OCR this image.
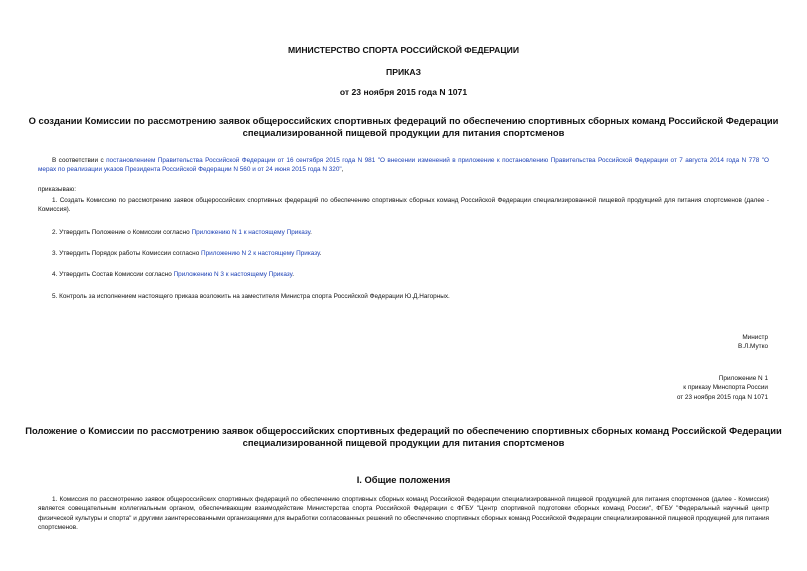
МИНИСТЕРСТВО СПОРТА РОССИЙСКОЙ ФЕДЕРАЦИИ
ПРИКАЗ
от 23 ноября 2015 года N 1071
О создании Комиссии по рассмотрению заявок общероссийских спортивных федераций по обеспечению спортивных сборных команд Российской Федерации
специализированной пищевой продукции для питания спортсменов
В соответствии с постановлением Правительства Российской Федерации от 16 сентября 2015 года N 981 "О внесении изменений в приложение к постановлению Правительства Российской Федерации от 7 августа 2014 года N 778 "О мерах по реализации указов Президента Российской Федерации N 560 и от 24 июня 2015 года N 320",
приказываю:
1. Создать Комиссию по рассмотрению заявок общероссийских спортивных федераций по обеспечению спортивных сборных команд Российской Федерации специализированной пищевой продукцией для питания спортсменов (далее - Комиссия).
2. Утвердить Положение о Комиссии согласно Приложению N 1 к настоящему Приказу.
3. Утвердить Порядок работы Комиссии согласно Приложению N 2 к настоящему Приказу.
4. Утвердить Состав Комиссии согласно Приложению N 3 к настоящему Приказу.
5. Контроль за исполнением настоящего приказа возложить на заместителя Министра спорта Российской Федерации Ю.Д.Нагорных.
Министр
В.Л.Мутко
Приложение N 1
к приказу Минспорта России
от 23 ноября 2015 года N 1071
Положение о Комиссии по рассмотрению заявок общероссийских спортивных федераций по обеспечению спортивных сборных команд Российской Федерации
специализированной пищевой продукции для питания спортсменов
I. Общие положения
1. Комиссия по рассмотрению заявок общероссийских спортивных федераций по обеспечению спортивных сборных команд Российской Федерации специализированной пищевой продукцией для питания спортсменов (далее - Комиссия) является совещательным коллегиальным органом, обеспечивающим взаимодействие Министерства спорта Российской Федерации с ФГБУ "Центр спортивной подготовки сборных команд России", ФГБУ "Федеральный научный центр физической культуры и спорта" и другими заинтересованными организациями для выработки согласованных решений по обеспечению спортивных сборных команд Российской Федерации специализированной пищевой продукцией для питания спортсменов.
